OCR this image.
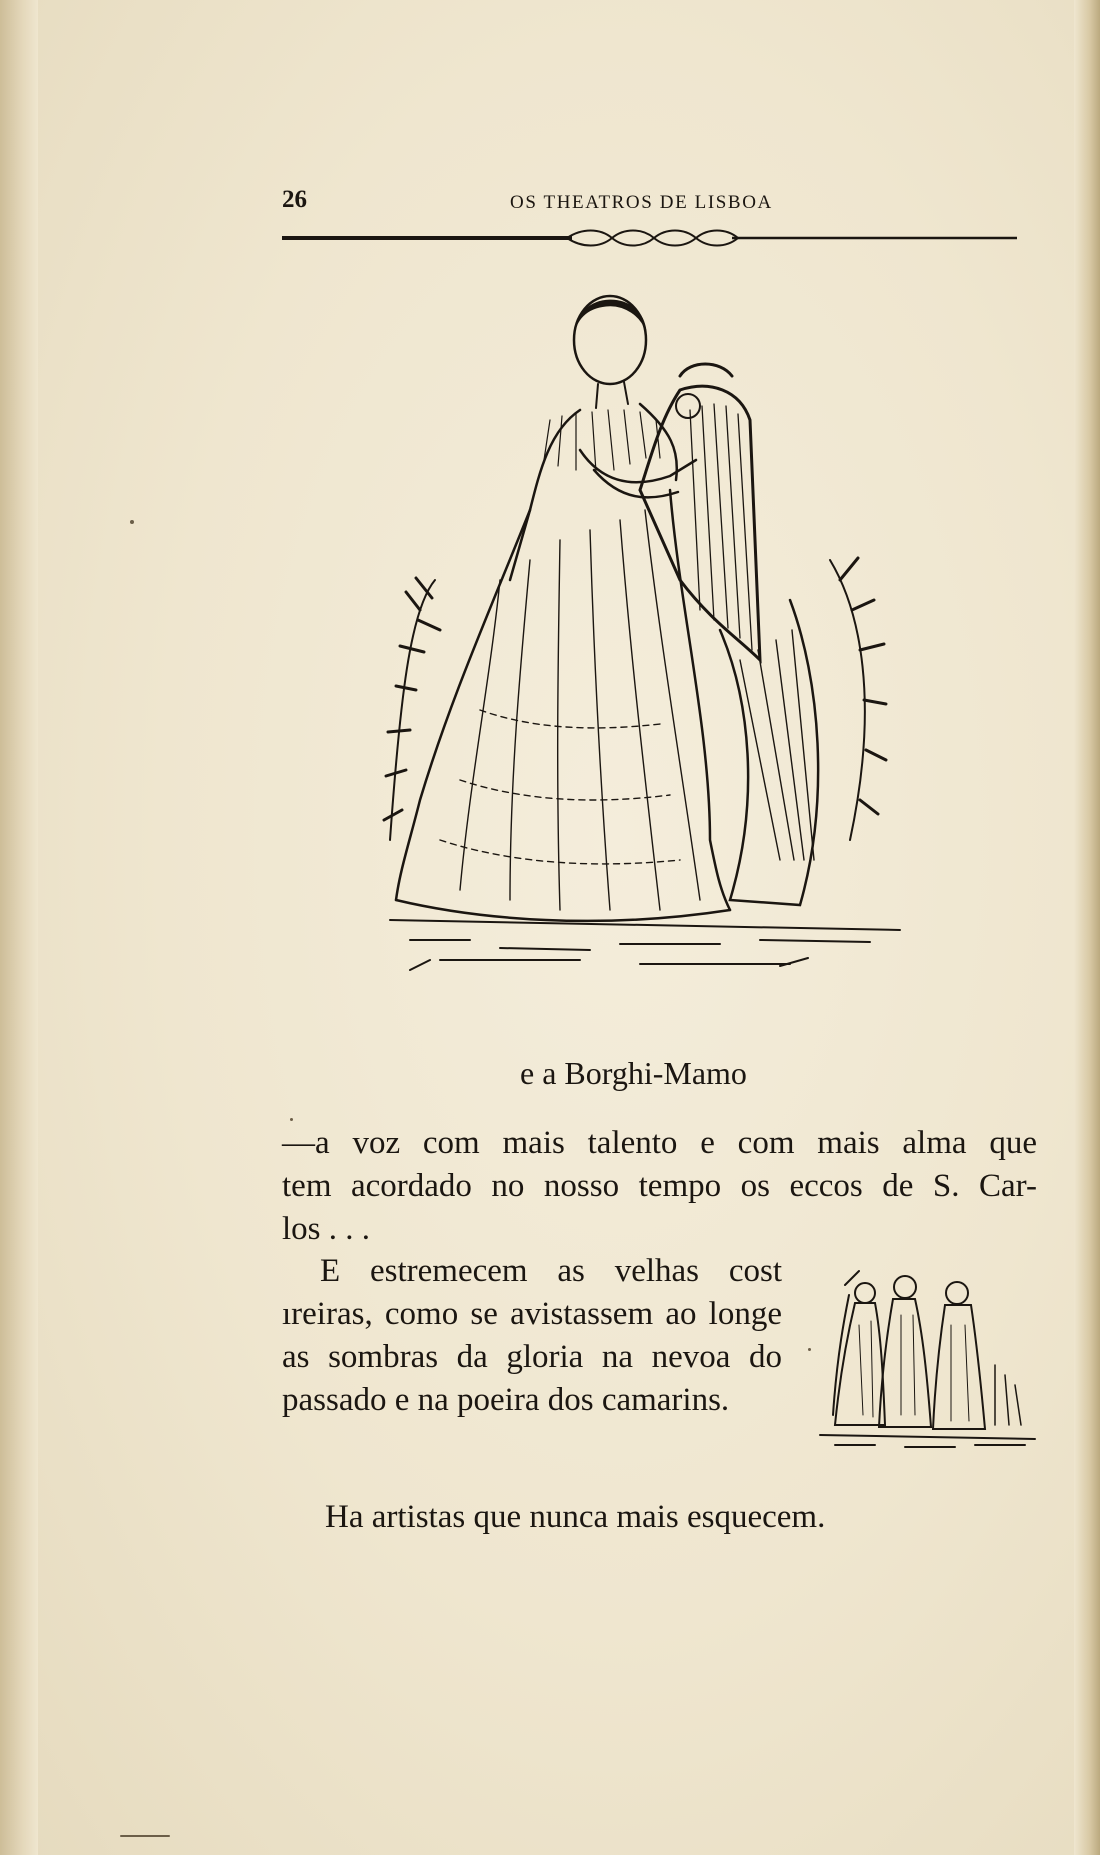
26	OS THEATROS DE LISBOA
e a Borghi-Mamo
—a voz com mais talento e com mais alma que
tem acordado no nosso tempo os eccos de S. Car-
los . . .
E estremecem as velhas cost ıreiras, como se avistassem ao longe as sombras da gloria na nevoa do passado e na poeira dos camarins.
Ha artistas que nunca mais esquecem.
